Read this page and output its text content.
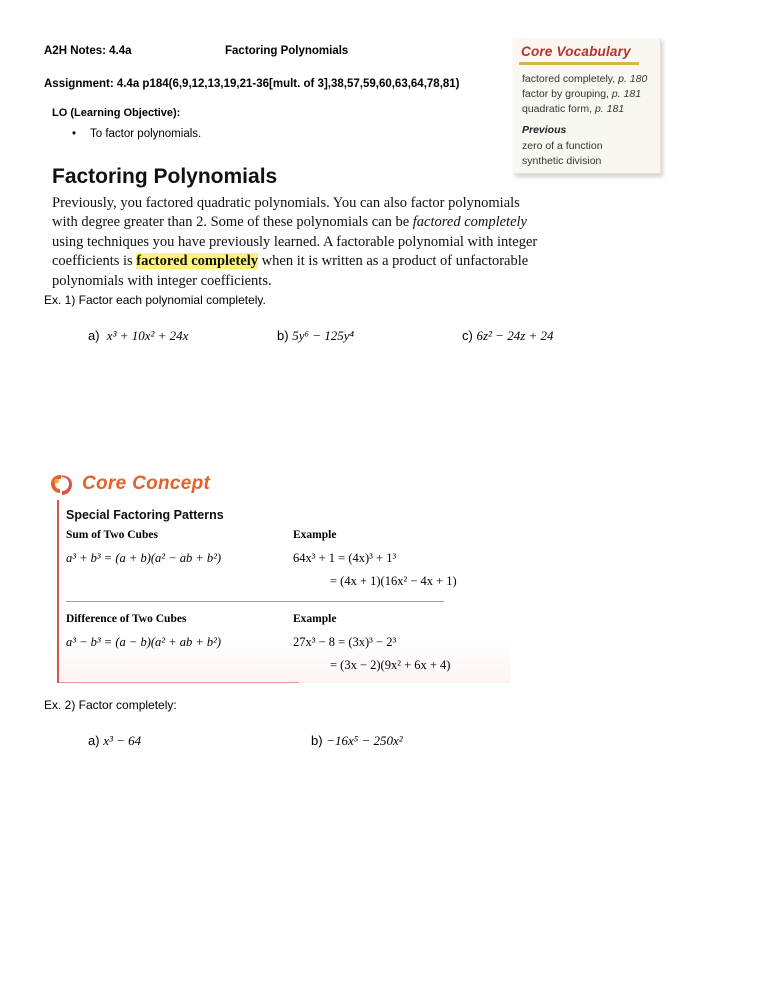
A2H Notes: 4.4a	Factoring Polynomials
Assignment: 4.4a p184(6,9,12,13,19,21-36[mult. of 3],38,57,59,60,63,64,78,81)
LO (Learning Objective):
• To factor polynomials.
Core Vocabulary
factored completely, p. 180
factor by grouping, p. 181
quadratic form, p. 181
Previous
zero of a function
synthetic division
Factoring Polynomials
Previously, you factored quadratic polynomials. You can also factor polynomials with degree greater than 2. Some of these polynomials can be factored completely using techniques you have previously learned. A factorable polynomial with integer coefficients is factored completely when it is written as a product of unfactorable polynomials with integer coefficients.
Ex. 1) Factor each polynomial completely.
a) x³ + 10x² + 24x	b) 5y⁶ − 125y⁴	c) 6z² − 24z + 24
Core Concept
Special Factoring Patterns
Sum of Two Cubes	Example
a³ + b³ = (a + b)(a² − ab + b²)	64x³ + 1 = (4x)³ + 1³
= (4x + 1)(16x² − 4x + 1)
Difference of Two Cubes	Example
a³ − b³ = (a − b)(a² + ab + b²)	27x³ − 8 = (3x)³ − 2³
= (3x − 2)(9x² + 6x + 4)
Ex. 2) Factor completely:
a) x³ − 64	b) −16x⁵ − 250x²
